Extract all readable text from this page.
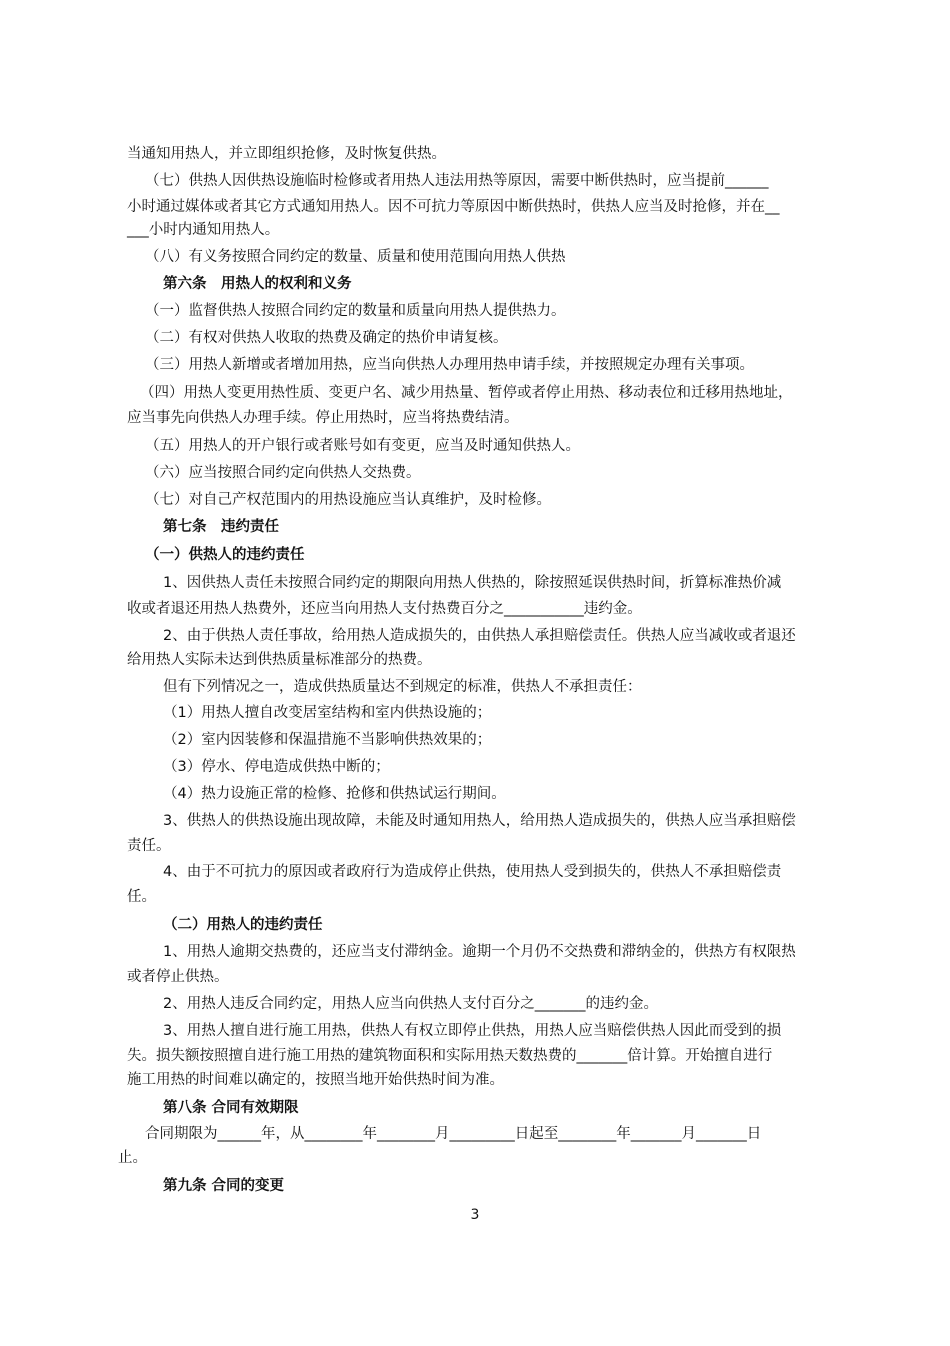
当通知用热人，并立即组织抢修，及时恢复供热。
（七）供热人因供热设施临时检修或者用热人违法用热等原因，需要中断供热时，应当提前______
小时通过媒体或者其它方式通知用热人。因不可抗力等原因中断供热时，供热人应当及时抢修，并在__
___小时内通知用热人。
（八）有义务按照合同约定的数量、质量和使用范围向用热人供热
第六条　用热人的权利和义务
（一）监督供热人按照合同约定的数量和质量向用热人提供热力。
（二）有权对供热人收取的热费及确定的热价申请复核。
（三）用热人新增或者增加用热，应当向供热人办理用热申请手续，并按照规定办理有关事项。
（四）用热人变更用热性质、变更户名、减少用热量、暂停或者停止用热、移动表位和迁移用热地址，
应当事先向供热人办理手续。停止用热时，应当将热费结清。
（五）用热人的开户银行或者账号如有变更，应当及时通知供热人。
（六）应当按照合同约定向供热人交热费。
（七）对自己产权范围内的用热设施应当认真维护，及时检修。
第七条　违约责任
（一）供热人的违约责任
1、因供热人责任未按照合同约定的期限向用热人供热的，除按照延误供热时间，折算标准热价减
收或者退还用热人热费外，还应当向用热人支付热费百分之___________违约金。
2、由于供热人责任事故，给用热人造成损失的，由供热人承担赔偿责任。供热人应当减收或者退还
给用热人实际未达到供热质量标准部分的热费。
但有下列情况之一，造成供热质量达不到规定的标准，供热人不承担责任：
（1）用热人擅自改变居室结构和室内供热设施的；
（2）室内因装修和保温措施不当影响供热效果的；
（3）停水、停电造成供热中断的；
（4）热力设施正常的检修、抢修和供热试运行期间。
3、供热人的供热设施出现故障，未能及时通知用热人，给用热人造成损失的，供热人应当承担赔偿
责任。
4、由于不可抗力的原因或者政府行为造成停止供热，使用热人受到损失的，供热人不承担赔偿责
任。
（二）用热人的违约责任
1、用热人逾期交热费的，还应当支付滞纳金。逾期一个月仍不交热费和滞纳金的，供热方有权限热
或者停止供热。
2、用热人违反合同约定，用热人应当向供热人支付百分之_______的违约金。
3、用热人擅自进行施工用热，供热人有权立即停止供热，用热人应当赔偿供热人因此而受到的损
失。损失额按照擅自进行施工用热的建筑物面积和实际用热天数热费的_______倍计算。开始擅自进行
施工用热的时间难以确定的，按照当地开始供热时间为准。
第八条 合同有效期限
合同期限为______年，从________年________月_________日起至________年_______月_______日
止。
第九条 合同的变更
3
